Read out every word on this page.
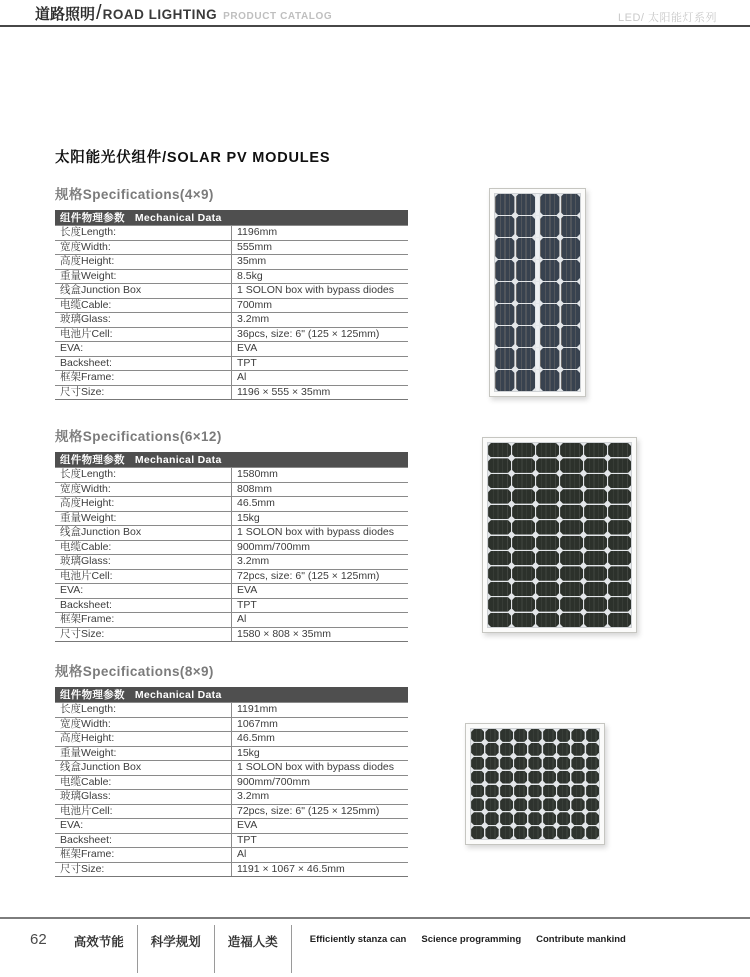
道路照明 / ROAD LIGHTING PRODUCT CATALOG	LED/ 太阳能灯系列
太阳能光伏组件/SOLAR PV MODULES
规格Specifications(4×9)
组件物理参数 Mechanical Data	
长度Length:	1196mm
宽度Width:	555mm
高度Height:	35mm
重量Weight:	8.5kg
线盒Junction Box	1 SOLON box with bypass diodes
电缆Cable:	700mm
玻璃Glass:	3.2mm
电池片Cell:	36pcs, size: 6" (125 × 125mm)
EVA:	EVA
Backsheet:	TPT
框架Frame:	Al
尺寸Size:	1196 × 555 × 35mm
规格Specifications(6×12)
组件物理参数 Mechanical Data	
长度Length:	1580mm
宽度Width:	808mm
高度Height:	46.5mm
重量Weight:	15kg
线盒Junction Box	1 SOLON box with bypass diodes
电缆Cable:	900mm/700mm
玻璃Glass:	3.2mm
电池片Cell:	72pcs, size: 6" (125 × 125mm)
EVA:	EVA
Backsheet:	TPT
框架Frame:	Al
尺寸Size:	1580 × 808 × 35mm
规格Specifications(8×9)
组件物理参数 Mechanical Data	
长度Length:	1191mm
宽度Width:	1067mm
高度Height:	46.5mm
重量Weight:	15kg
线盒Junction Box	1 SOLON box with bypass diodes
电缆Cable:	900mm/700mm
玻璃Glass:	3.2mm
电池片Cell:	72pcs, size: 6" (125 × 125mm)
EVA:	EVA
Backsheet:	TPT
框架Frame:	Al
尺寸Size:	1191 × 1067 × 46.5mm
62	高效节能	科学规划	造福人类	Efficiently stanza can Science programming Contribute mankind
